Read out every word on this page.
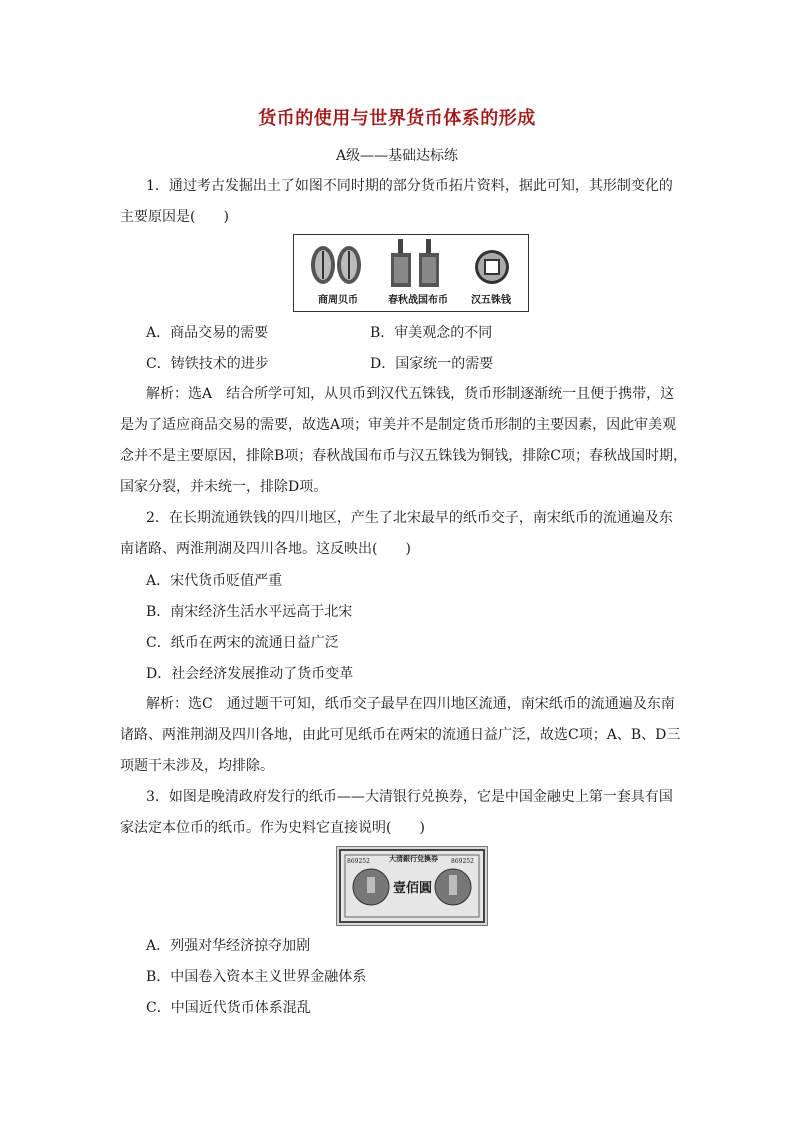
货币的使用与世界货币体系的形成
A级——基础达标练
1．通过考古发掘出土了如图不同时期的部分货币拓片资料，据此可知，其形制变化的
主要原因是(　　)
商周贝币	春秋战国布币 汉五铢钱
A．商品交易的需要	B．审美观念的不同
C．铸铁技术的进步	D．国家统一的需要
解析：选A　结合所学可知，从贝币到汉代五铢钱，货币形制逐渐统一且便于携带，这
是为了适应商品交易的需要，故选A项；审美并不是制定货币形制的主要因素，因此审美观
念并不是主要原因，排除B项；春秋战国布币与汉五铢钱为铜钱，排除C项；春秋战国时期，
国家分裂，并未统一，排除D项。
2．在长期流通铁钱的四川地区，产生了北宋最早的纸币交子，南宋纸币的流通遍及东
南诸路、两淮荆湖及四川各地。这反映出(　　)
A．宋代货币贬值严重
B．南宋经济生活水平远高于北宋
C．纸币在两宋的流通日益广泛
D．社会经济发展推动了货币变革
解析：选C　通过题干可知，纸币交子最早在四川地区流通，南宋纸币的流通遍及东南
诸路、两淮荆湖及四川各地，由此可见纸币在两宋的流通日益广泛，故选C项；A、B、D三
项题干未涉及，均排除。
3．如图是晚清政府发行的纸币——大清银行兑换券，它是中国金融史上第一套具有国
家法定本位币的纸币。作为史料它直接说明(　　)
大清銀行兌換券
869252	869252
壹佰圓
A．列强对华经济掠夺加剧
B．中国卷入资本主义世界金融体系
C．中国近代货币体系混乱
